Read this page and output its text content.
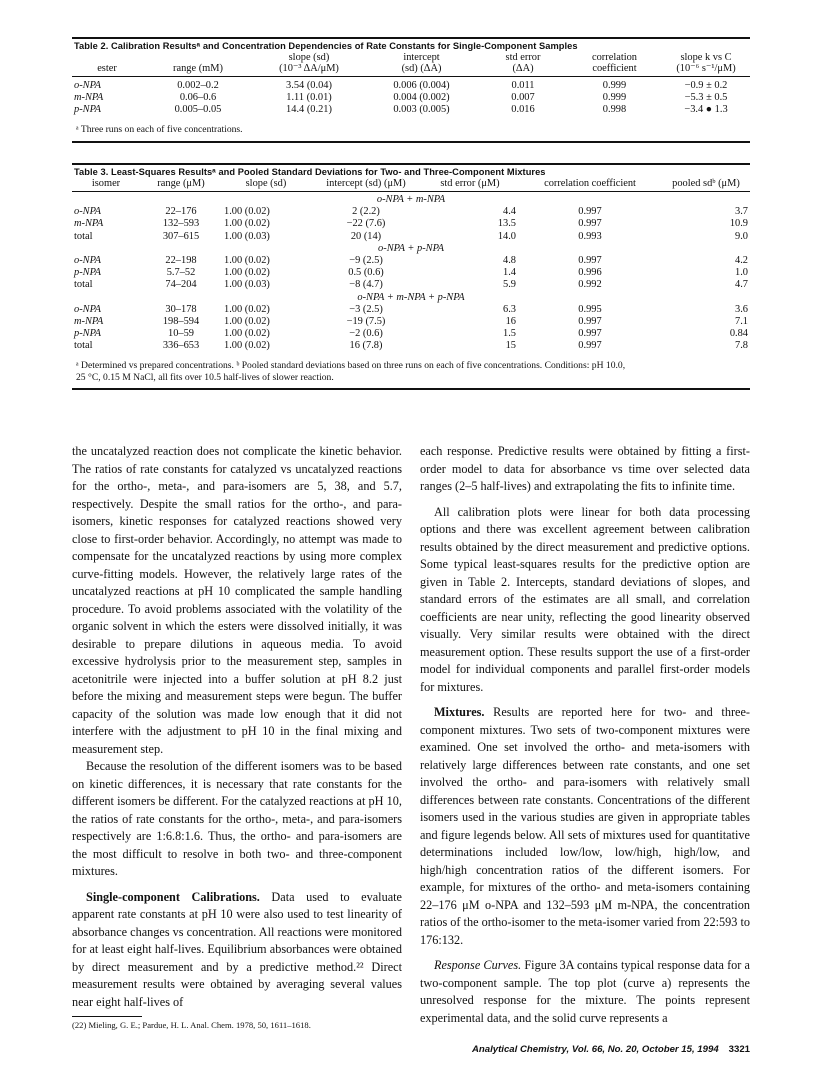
Table 2. Calibration Resultsᵃ and Concentration Dependencies of Rate Constants for Single-Component Samples
		slope (sd)	intercept	std error	correlation	slope k vs C
ester	range (mM)	(10⁻³ ΔA/μM)	(sd) (ΔA)	(ΔA)	coefficient	(10⁻⁶ s⁻¹/μM)

o-NPA	0.002–0.2	3.54 (0.04)	0.006 (0.004)	0.011	0.999	−0.9 ± 0.2
m-NPA	0.06–0.6	1.11 (0.01)	0.004 (0.002)	0.007	0.999	−5.3 ± 0.5
p-NPA	0.005–0.05	14.4 (0.21)	0.003 (0.005)	0.016	0.998	−3.4 ● 1.3
ᵃ Three runs on each of five concentrations.
Table 3. Least-Squares Resultsᵃ and Pooled Standard Deviations for Two- and Three-Component Mixtures
isomer	range (μM)	slope (sd)	intercept (sd) (μM)	std error (μM)	correlation coefficient	pooled sdᵇ (μM)

o-NPA + m-NPA						
o-NPA	22–176	1.00 (0.02)	2 (2.2)	4.4	0.997	3.7
m-NPA	132–593	1.00 (0.02)	−22 (7.6)	13.5	0.997	10.9
total	307–615	1.00 (0.03)	20 (14)	14.0	0.993	9.0
o-NPA + p-NPA						
o-NPA	22–198	1.00 (0.02)	−9 (2.5)	4.8	0.997	4.2
p-NPA	5.7–52	1.00 (0.02)	0.5 (0.6)	1.4	0.996	1.0
total	74–204	1.00 (0.03)	−8 (4.7)	5.9	0.992	4.7
o-NPA + m-NPA + p-NPA						
o-NPA	30–178	1.00 (0.02)	−3 (2.5)	6.3	0.995	3.6
m-NPA	198–594	1.00 (0.02)	−19 (7.5)	16	0.997	7.1
p-NPA	10–59	1.00 (0.02)	−2 (0.6)	1.5	0.997	0.84
total	336–653	1.00 (0.02)	16 (7.8)	15	0.997	7.8
ᵃ Determined vs prepared concentrations. ᵇ Pooled standard deviations based on three runs on each of five concentrations. Conditions: pH 10.0,
25 °C, 0.15 M NaCl, all fits over 10.5 half-lives of slower reaction.

the uncatalyzed reaction does not complicate the kinetic behavior. The ratios of rate constants for catalyzed vs uncatalyzed reactions for the ortho-, meta-, and para-isomers are 5, 38, and 5.7, respectively. Despite the small ratios for the ortho-, and para-isomers, kinetic responses for catalyzed reactions showed very close to first-order behavior. Accordingly, no attempt was made to compensate for the uncatalyzed reactions by using more complex curve-fitting models. However, the relatively large rates of the uncatalyzed reactions at pH 10 complicated the sample handling procedure. To avoid problems associated with the volatility of the organic solvent in which the esters were dissolved initially, it was desirable to prepare dilutions in aqueous media. To avoid excessive hydrolysis prior to the measurement step, samples in acetonitrile were injected into a buffer solution at pH 8.2 just before the mixing and measurement steps were begun. The buffer capacity of the solution was made low enough that it did not interfere with the adjustment to pH 10 in the final mixing and measurement step.

Because the resolution of the different isomers was to be based on kinetic differences, it is necessary that rate constants for the different isomers be different. For the catalyzed reactions at pH 10, the ratios of rate constants for the ortho-, meta-, and para-isomers respectively are 1:6.8:1.6. Thus, the ortho- and para-isomers are the most difficult to resolve in both two- and three-component mixtures.

Single-component Calibrations. Data used to evaluate apparent rate constants at pH 10 were also used to test linearity of absorbance changes vs concentration. All reactions were monitored for at least eight half-lives. Equilibrium absorbances were obtained by direct measurement and by a predictive method.²² Direct measurement results were obtained by averaging several values near eight half-lives of

(22) Mieling, G. E.; Pardue, H. L. Anal. Chem. 1978, 50, 1611–1618.

each response. Predictive results were obtained by fitting a first-order model to data for absorbance vs time over selected data ranges (2–5 half-lives) and extrapolating the fits to infinite time.

All calibration plots were linear for both data processing options and there was excellent agreement between calibration results obtained by the direct measurement and predictive options. Some typical least-squares results for the predictive option are given in Table 2. Intercepts, standard deviations of slopes, and standard errors of the estimates are all small, and correlation coefficients are near unity, reflecting the good linearity observed visually. Very similar results were obtained with the direct measurement option. These results support the use of a first-order model for individual components and parallel first-order models for mixtures.

Mixtures. Results are reported here for two- and three-component mixtures. Two sets of two-component mixtures were examined. One set involved the ortho- and meta-isomers with relatively large differences between rate constants, and one set involved the ortho- and para-isomers with relatively small differences between rate constants. Concentrations of the different isomers used in the various studies are given in appropriate tables and figure legends below. All sets of mixtures used for quantitative determinations included low/low, low/high, high/low, and high/high concentration ratios of the different isomers. For example, for mixtures of the ortho- and meta-isomers containing 22–176 μM o-NPA and 132–593 μM m-NPA, the concentration ratios of the ortho-isomer to the meta-isomer varied from 22:593 to 176:132.

Response Curves. Figure 3A contains typical response data for a two-component sample. The top plot (curve a) represents the unresolved response for the mixture. The points represent experimental data, and the solid curve represents a

Analytical Chemistry, Vol. 66, No. 20, October 15, 1994 3321
